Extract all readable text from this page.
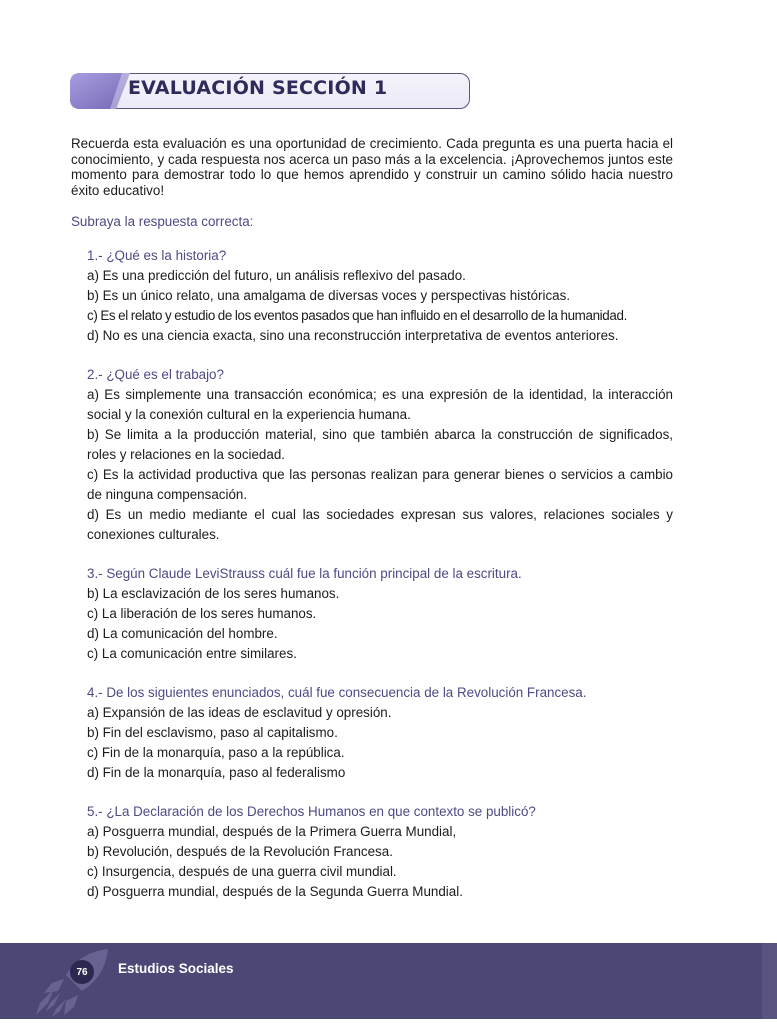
EVALUACIÓN SECCIÓN 1
Recuerda esta evaluación es una oportunidad de crecimiento. Cada pregunta es una puerta hacia el conocimiento, y cada respuesta nos acerca un paso más a la excelencia. ¡Aprovechemos juntos este momento para demostrar todo lo que hemos aprendido y construir un camino sólido hacia nuestro éxito educativo!
Subraya la respuesta correcta:
1.- ¿Qué es la historia?
a) Es una predicción del futuro, un análisis reflexivo del pasado.
b) Es un único relato, una amalgama de diversas voces y perspectivas históricas.
c) Es el relato y estudio de los eventos pasados que han influido en el desarrollo de la humanidad.
d) No es una ciencia exacta, sino una reconstrucción interpretativa de eventos anteriores.
2.- ¿Qué es el trabajo?
a) Es simplemente una transacción económica; es una expresión de la identidad, la interacción social y la conexión cultural en la experiencia humana.
b) Se limita a la producción material, sino que también abarca la construcción de significados, roles y relaciones en la sociedad.
c) Es la actividad productiva que las personas realizan para generar bienes o servicios a cambio de ninguna compensación.
d) Es un medio mediante el cual las sociedades expresan sus valores, relaciones sociales y conexiones culturales.
3.- Según Claude LeviStrauss cuál fue la función principal de la escritura.
b) La esclavización de los seres humanos.
c) La liberación de los seres humanos.
d) La comunicación del hombre.
c) La comunicación entre similares.
4.- De los siguientes enunciados, cuál fue consecuencia de la Revolución Francesa.
a) Expansión de las ideas de esclavitud y opresión.
b) Fin del esclavismo, paso al capitalismo.
c) Fin de la monarquía, paso a la república.
d) Fin de la monarquía, paso al federalismo
5.- ¿La Declaración de los Derechos Humanos en que contexto se publicó?
a) Posguerra mundial, después de la Primera Guerra Mundial,
b) Revolución, después de la Revolución Francesa.
c) Insurgencia, después de una guerra civil mundial.
d) Posguerra mundial, después de la Segunda Guerra Mundial.
76 Estudios Sociales
